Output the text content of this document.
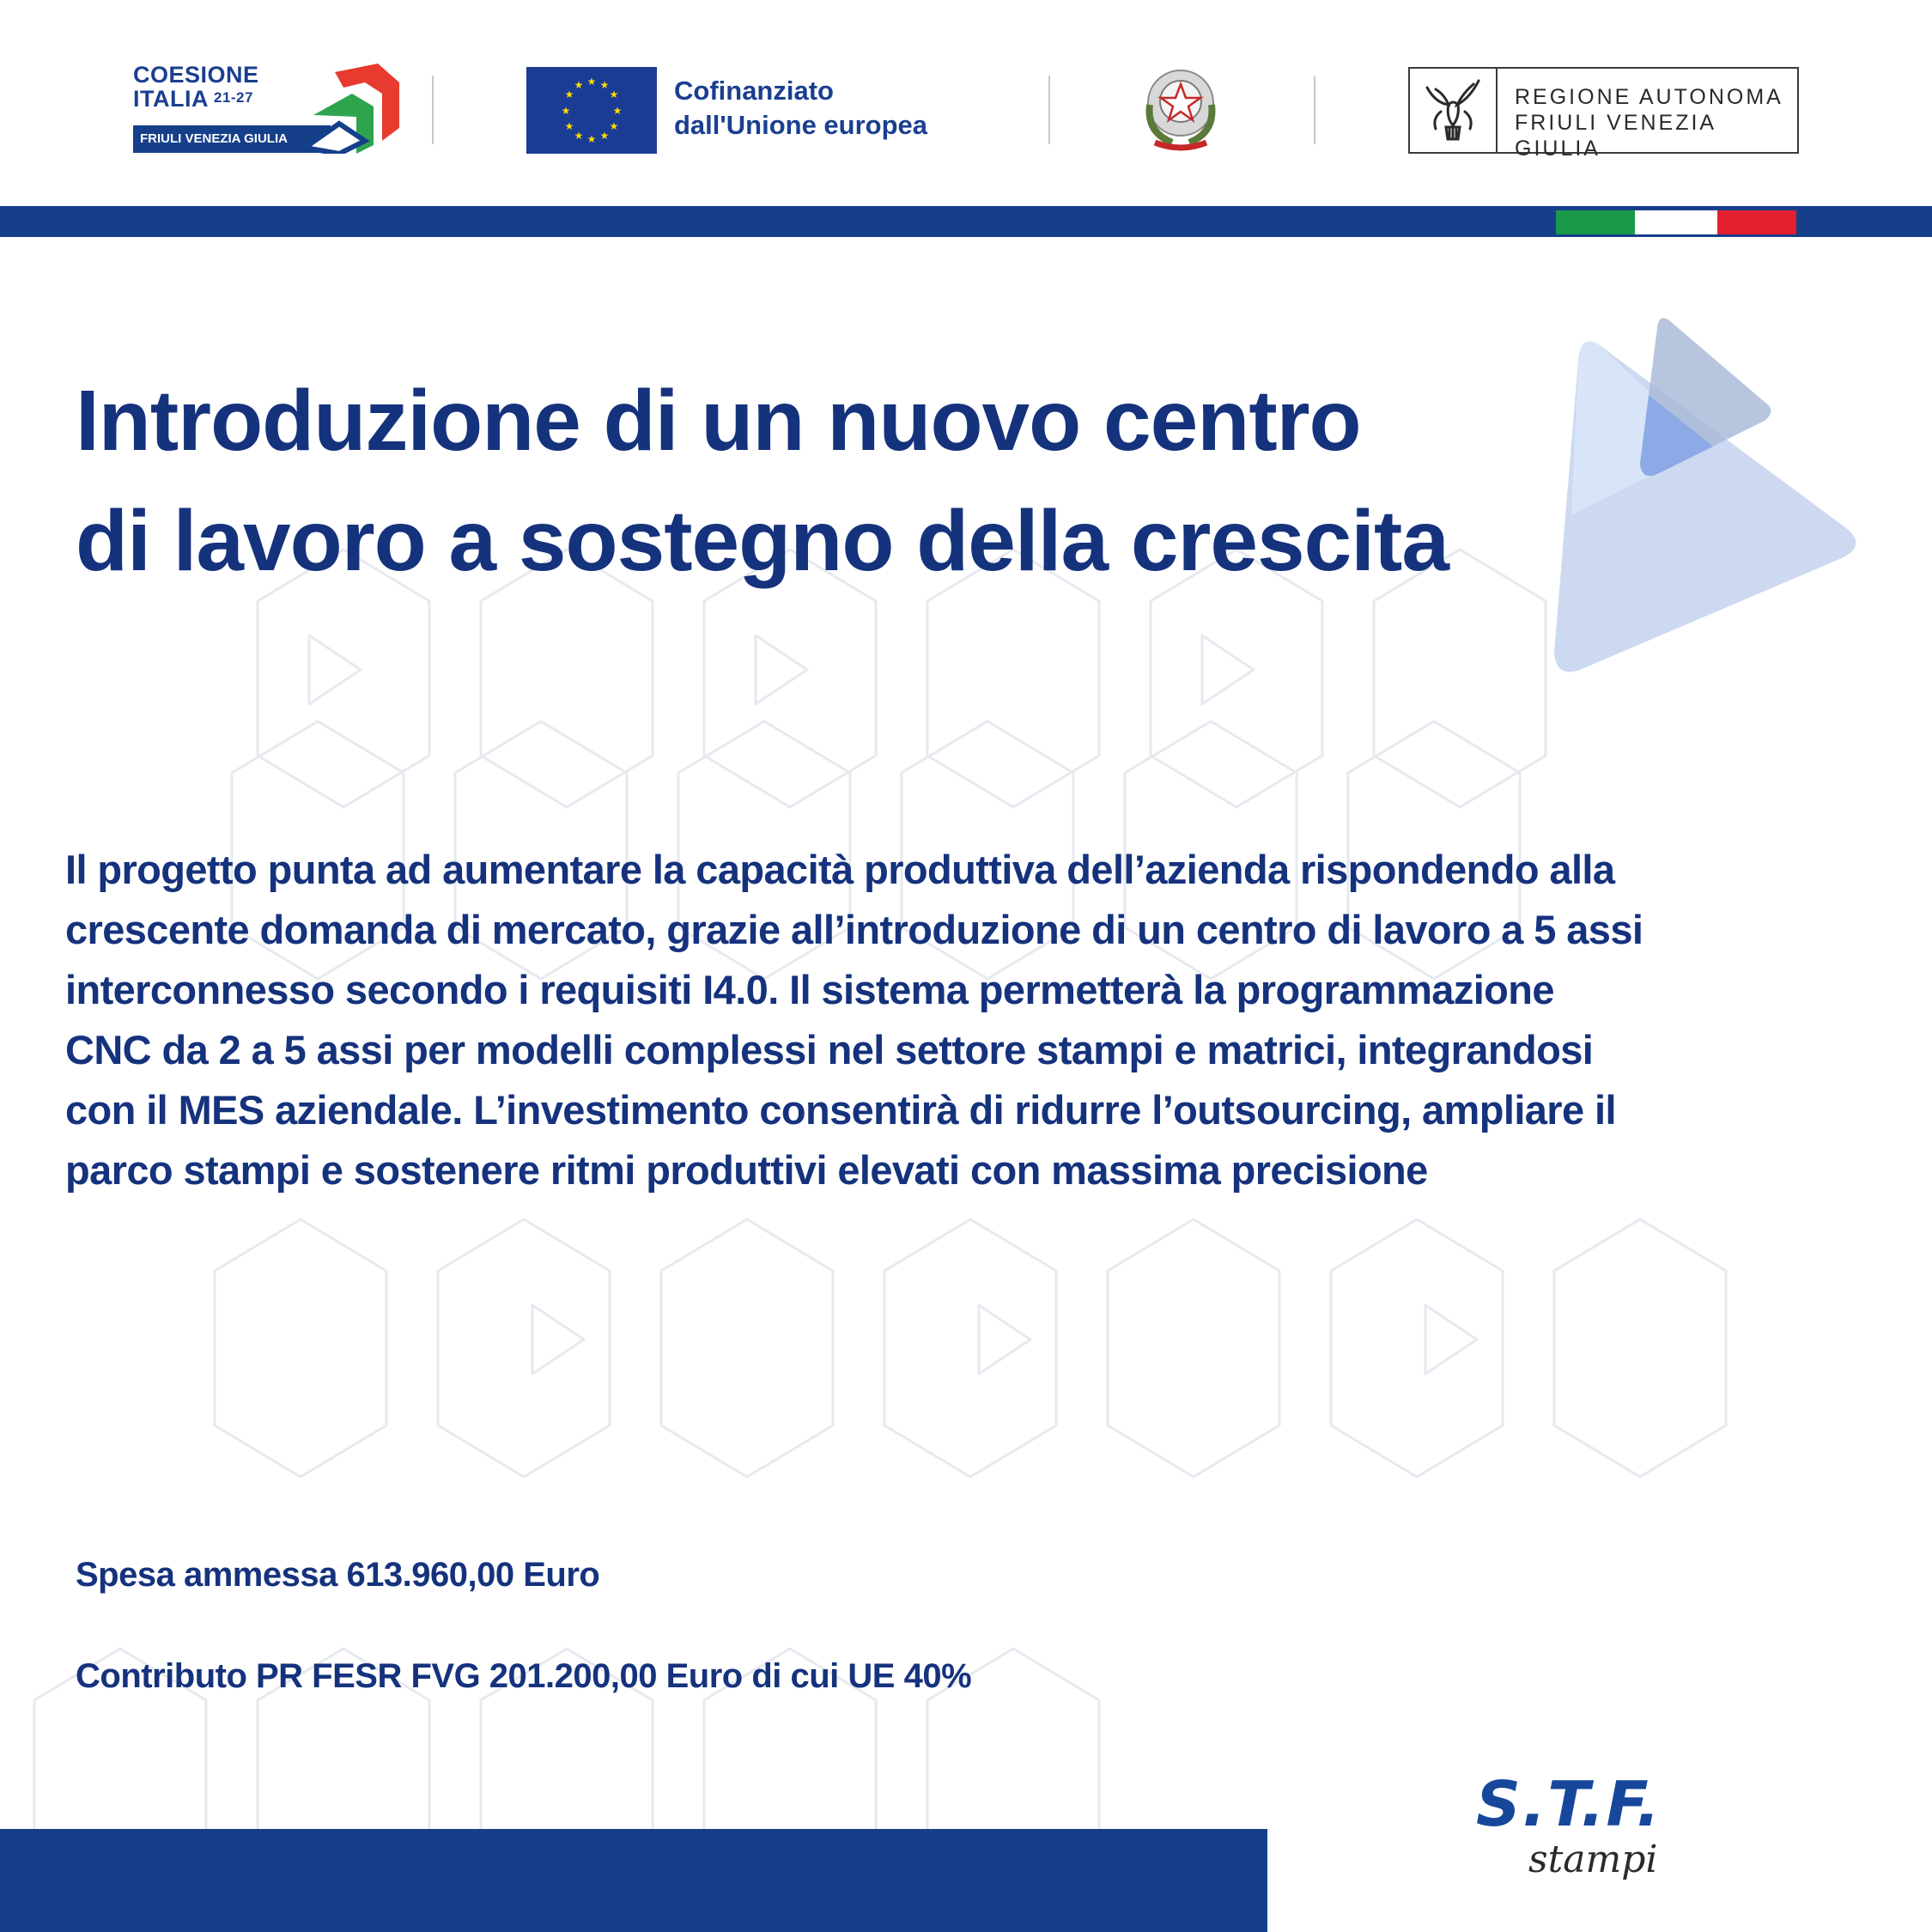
COESIONE
ITALIA 21-27
FRIULI VENEZIA GIULIA
★ ★
★
★
★
★
★
★
★
★
★
★	Cofinanziato
dall'Unione europea
REGIONE AUTONOMA
FRIULI VENEZIA GIULIA
Introduzione di un nuovo centro
di lavoro a sostegno della crescita
Il progetto punta ad aumentare la capacità produttiva dell’azienda rispondendo alla
crescente domanda di mercato, grazie all’introduzione di un centro di lavoro a 5 assi
interconnesso secondo i requisiti I4.0. Il sistema permetterà la programmazione
CNC da 2 a 5 assi per modelli complessi nel settore stampi e matrici, integrandosi
con il MES aziendale. L’investimento consentirà di ridurre l’outsourcing, ampliare il
parco stampi e sostenere ritmi produttivi elevati con massima precisione

Spesa ammessa 613.960,00 Euro

Contributo PR FESR FVG 201.200,00 Euro di cui UE 40%

S.T.F.
stampi
